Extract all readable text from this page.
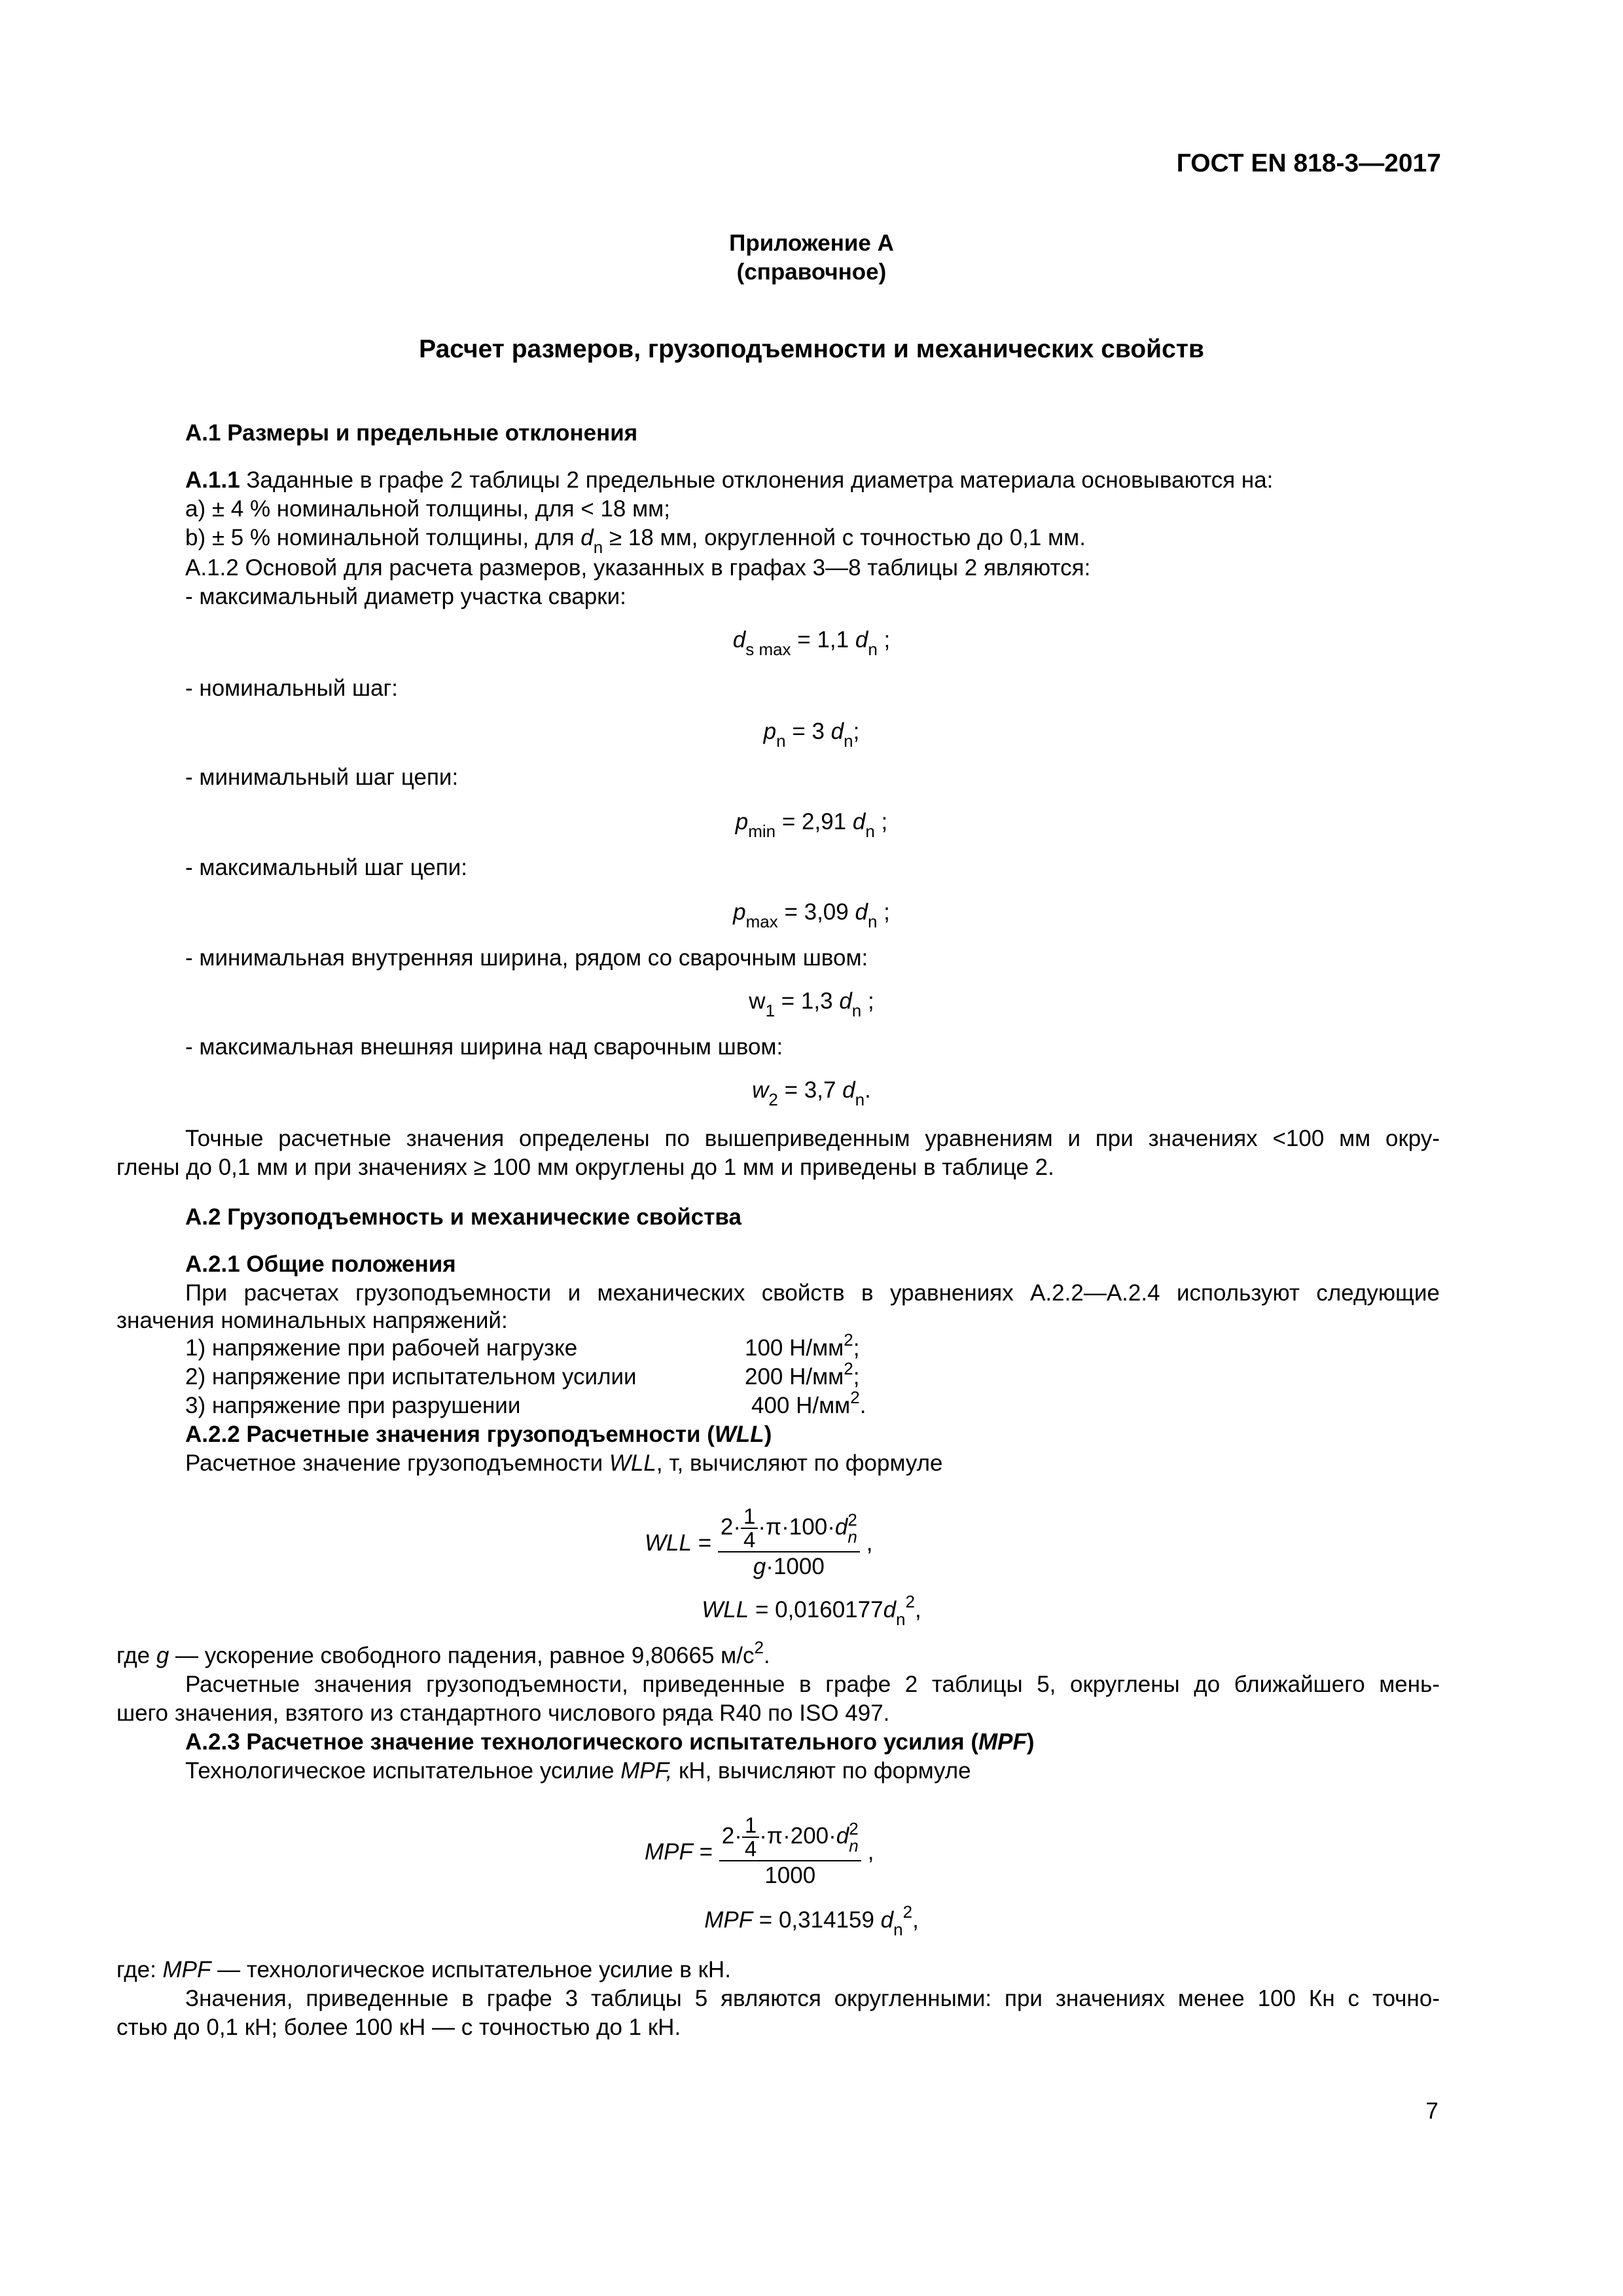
ГОСТ EN 818-3—2017
Приложение А
(справочное)
Расчет размеров, грузоподъемности и механических свойств
А.1 Размеры и предельные отклонения
А.1.1 Заданные в графе 2 таблицы 2 предельные отклонения диаметра материала основываются на:
a) ± 4 % номинальной толщины, для < 18 мм;
b) ± 5 % номинальной толщины, для $d_n \ge 18$ мм, округленной с точностью до 0,1 мм.
А.1.2 Основой для расчета размеров, указанных в графах 3—8 таблицы 2 являются:
- максимальный диаметр участка сварки:
$d_{s max} = 1,1$ $d_n$ ;
- номинальный шаг:
$p_n = 3$ $d_n$;
- минимальный шаг цепи:
$p_{min} = 2,91$ $d_n$ ;
- максимальный шаг цепи:
$p_{max} = 3,09$ $d_n$ ;
- минимальная внутренняя ширина, рядом со сварочным швом:
$w_1 = 1,3$ $d_n$ ;
- максимальная внешняя ширина над сварочным швом:
$w_2 = 3,7$ $d_n$.
Точные расчетные значения определены по вышеприведенным уравнениям и при значениях <100 мм окру-
глены до 0,1 мм и при значениях ≥ 100 мм округлены до 1 мм и приведены в таблице 2.
А.2 Грузоподъемность и механические свойства
А.2.1 Общие положения
При расчетах грузоподъемности и механических свойств в уравнениях А.2.2—А.2.4 используют следующие
значения номинальных напряжений:
1) напряжение при рабочей нагрузке	100 $Н/мм^2$;
2) напряжение при испытательном усилии	200 $Н/мм^2$;
3) напряжение при разрушении	400 $Н/мм^2$.
А.2.2 Расчетные значения грузоподъемности (WLL)
Расчетное значение грузоподъемности WLL, т, вычисляют по формуле
WLL = $2\cdot \frac{1}{4} \cdot\pi\cdot 100\cdot d$ 2
n
g·1000 ,
WLL = $0,0160177d_n^2$,
где g — ускорение свободного падения, равное 9,80665 $м/с^2$.
Расчетные значения грузоподъемности, приведенные в графе 2 таблицы 5, округлены до ближайшего мень-
шего значения, взятого из стандартного числового ряда R40 по ISO 497.
А.2.3 Расчетное значение технологического испытательного усилия (MPF)
Технологическое испытательное усилие MPF, кН, вычисляют по формуле
MPF = $2\cdot \frac{1}{4} \cdot\pi\cdot 200\cdot d$ 2
n
1000 ,
MPF = 0,314159 $d_n^2$,
где: MPF — технологическое испытательное усилие в кН.
Значения, приведенные в графе 3 таблицы 5 являются округленными: при значениях менее 100 Кн с точно-
стью до 0,1 кН; более 100 кН — с точностью до 1 кН.
7
